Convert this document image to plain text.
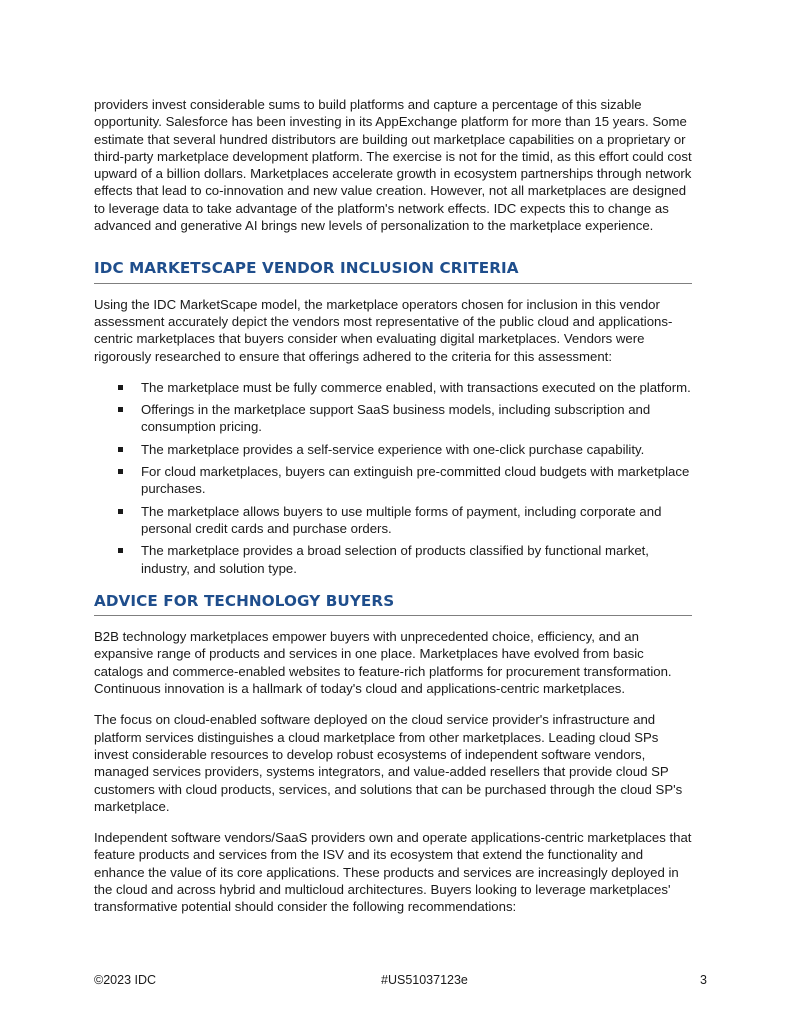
providers invest considerable sums to build platforms and capture a percentage of this sizable opportunity. Salesforce has been investing in its AppExchange platform for more than 15 years. Some estimate that several hundred distributors are building out marketplace capabilities on a proprietary or third-party marketplace development platform. The exercise is not for the timid, as this effort could cost upward of a billion dollars. Marketplaces accelerate growth in ecosystem partnerships through network effects that lead to co-innovation and new value creation. However, not all marketplaces are designed to leverage data to take advantage of the platform's network effects. IDC expects this to change as advanced and generative AI brings new levels of personalization to the marketplace experience.

IDC MARKETSCAPE VENDOR INCLUSION CRITERIA

Using the IDC MarketScape model, the marketplace operators chosen for inclusion in this vendor assessment accurately depict the vendors most representative of the public cloud and applications-centric marketplaces that buyers consider when evaluating digital marketplaces. Vendors were rigorously researched to ensure that offerings adhered to the criteria for this assessment:

The marketplace must be fully commerce enabled, with transactions executed on the platform.
Offerings in the marketplace support SaaS business models, including subscription and consumption pricing.
The marketplace provides a self-service experience with one-click purchase capability.
For cloud marketplaces, buyers can extinguish pre-committed cloud budgets with marketplace purchases.
The marketplace allows buyers to use multiple forms of payment, including corporate and personal credit cards and purchase orders.
The marketplace provides a broad selection of products classified by functional market, industry, and solution type.
ADVICE FOR TECHNOLOGY BUYERS

B2B technology marketplaces empower buyers with unprecedented choice, efficiency, and an expansive range of products and services in one place. Marketplaces have evolved from basic catalogs and commerce-enabled websites to feature-rich platforms for procurement transformation. Continuous innovation is a hallmark of today's cloud and applications-centric marketplaces.

The focus on cloud-enabled software deployed on the cloud service provider's infrastructure and platform services distinguishes a cloud marketplace from other marketplaces. Leading cloud SPs invest considerable resources to develop robust ecosystems of independent software vendors, managed services providers, systems integrators, and value-added resellers that provide cloud SP customers with cloud products, services, and solutions that can be purchased through the cloud SP's marketplace.

Independent software vendors/SaaS providers own and operate applications-centric marketplaces that feature products and services from the ISV and its ecosystem that extend the functionality and enhance the value of its core applications. These products and services are increasingly deployed in the cloud and across hybrid and multicloud architectures. Buyers looking to leverage marketplaces' transformative potential should consider the following recommendations:

©2023 IDC	#US51037123e	3
